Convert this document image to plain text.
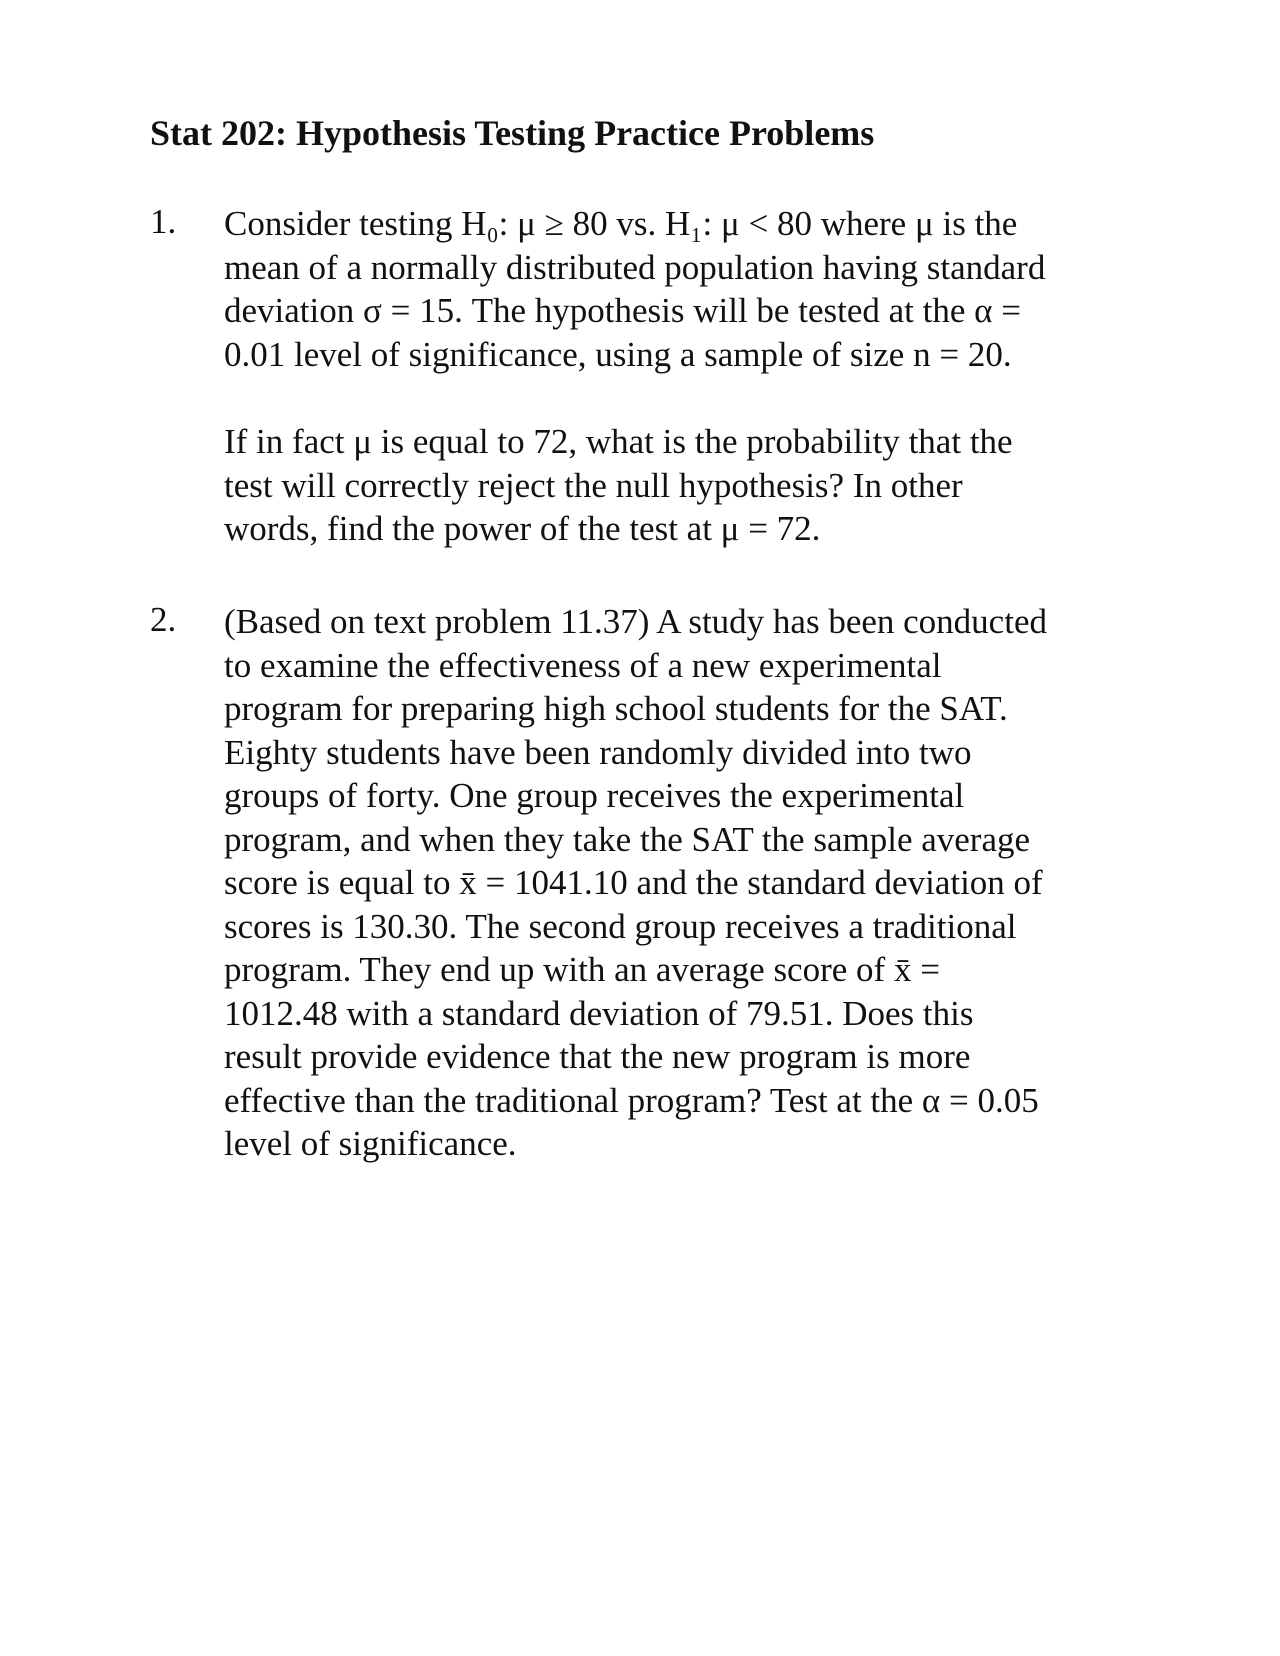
Stat 202: Hypothesis Testing Practice Problems
1. Consider testing H₀: μ ≥ 80 vs. H₁: μ < 80 where μ is the
mean of a normally distributed population having standard
deviation σ = 15. The hypothesis will be tested at the α =
0.01 level of significance, using a sample of size n = 20.
If in fact μ is equal to 72, what is the probability that the
test will correctly reject the null hypothesis? In other
words, find the power of the test at μ = 72.
2. (Based on text problem 11.37) A study has been conducted
to examine the effectiveness of a new experimental
program for preparing high school students for the SAT.
Eighty students have been randomly divided into two
groups of forty. One group receives the experimental
program, and when they take the SAT the sample average
score is equal to x̄ = 1041.10 and the standard deviation of
scores is 130.30. The second group receives a traditional
program. They end up with an average score of x̄ =
1012.48 with a standard deviation of 79.51. Does this
result provide evidence that the new program is more
effective than the traditional program? Test at the α = 0.05
level of significance.
